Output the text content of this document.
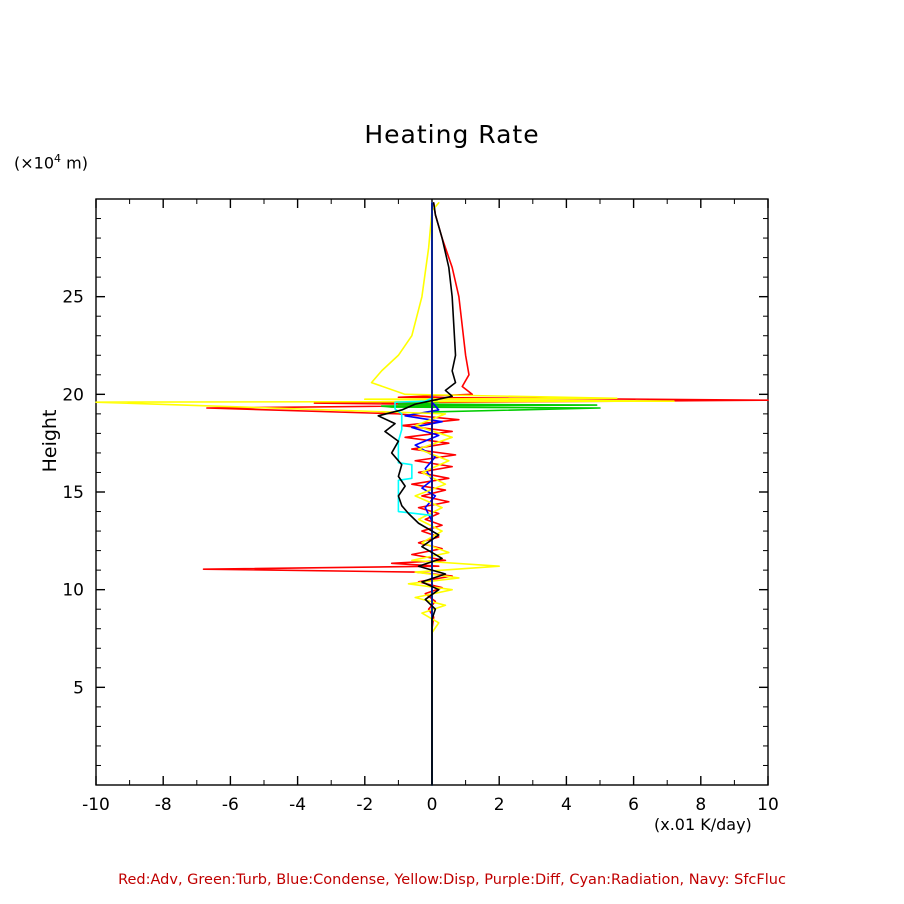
Heating Rate
($\times 10^4$ m)
Height
(x.01 K/day)
-10	-8	-6	-4	-2	0	2	4	6	8	10
5
10
15
20
25
Red:Adv, Green:Turb, Blue:Condense, Yellow:Disp, Purple:Diff, Cyan:Radiation, Navy: SfcFluc
